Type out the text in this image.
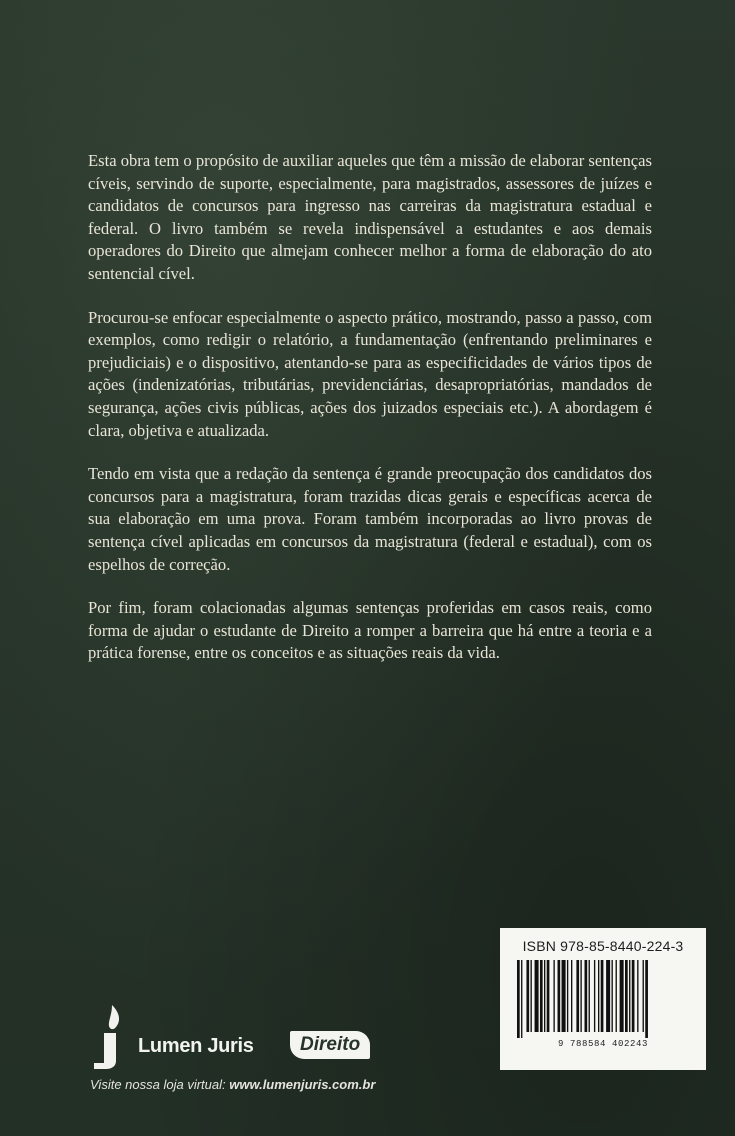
Esta obra tem o propósito de auxiliar aqueles que têm a missão de elaborar sentenças cíveis, servindo de suporte, especialmente, para magistrados, assessores de juízes e candidatos de concursos para ingresso nas carreiras da magistratura estadual e federal. O livro também se revela indispensável a estudantes e aos demais operadores do Direito que almejam conhecer melhor a forma de elaboração do ato sentencial cível.

Procurou-se enfocar especialmente o aspecto prático, mostrando, passo a passo, com exemplos, como redigir o relatório, a fundamentação (enfrentando preliminares e prejudiciais) e o dispositivo, atentando-se para as especificidades de vários tipos de ações (indenizatórias, tributárias, previdenciárias, desapropriatórias, mandados de segurança, ações civis públicas, ações dos juizados especiais etc.). A abordagem é clara, objetiva e atualizada.

Tendo em vista que a redação da sentença é grande preocupação dos candidatos dos concursos para a magistratura, foram trazidas dicas gerais e específicas acerca de sua elaboração em uma prova. Foram também incorporadas ao livro provas de sentença cível aplicadas em concursos da magistratura (federal e estadual), com os espelhos de correção.

Por fim, foram colacionadas algumas sentenças proferidas em casos reais, como forma de ajudar o estudante de Direito a romper a barreira que há entre a teoria e a prática forense, entre os conceitos e as situações reais da vida.

ISBN 978-85-8440-224-3
9 788584 402243
Lumen Juris	Direito
Visite nossa loja virtual: www.lumenjuris.com.br
